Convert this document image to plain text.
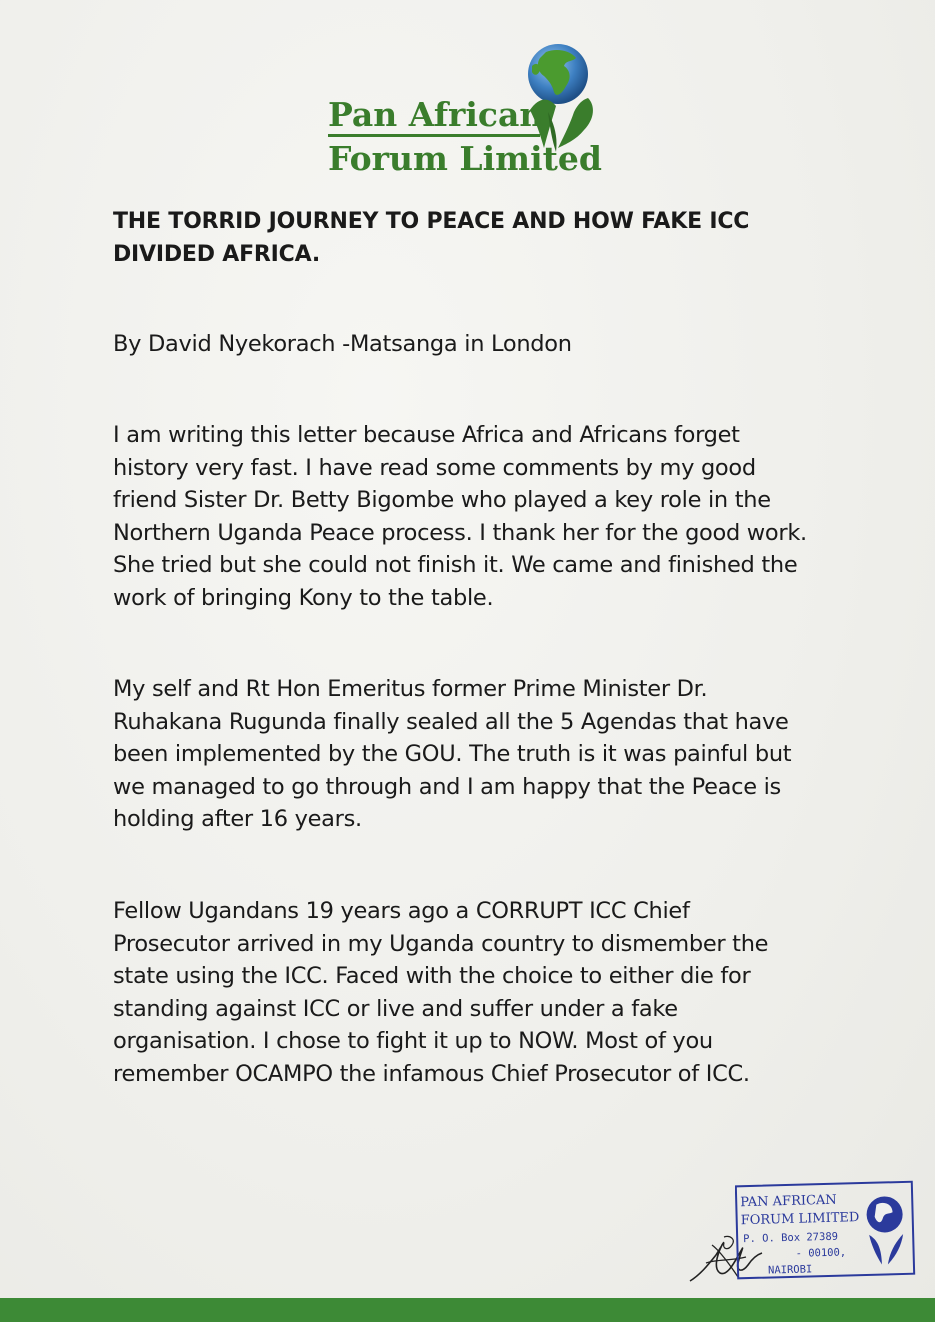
Pan African
Forum Limited
THE TORRID JOURNEY TO PEACE AND HOW FAKE ICC
DIVIDED AFRICA.

By David Nyekorach -Matsanga in London

I am writing this letter because Africa and Africans forget
history very fast. I have read some comments by my good
friend Sister Dr. Betty Bigombe who played a key role in the
Northern Uganda Peace process. I thank her for the good work.
She tried but she could not finish it. We came and finished the
work of bringing Kony to the table.

My self and Rt Hon Emeritus former Prime Minister Dr.
Ruhakana Rugunda finally sealed all the 5 Agendas that have
been implemented by the GOU. The truth is it was painful but
we managed to go through and I am happy that the Peace is
holding after 16 years.

Fellow Ugandans 19 years ago a CORRUPT ICC Chief
Prosecutor arrived in my Uganda country to dismember the
state using the ICC. Faced with the choice to either die for
standing against ICC or live and suffer under a fake
organisation. I chose to fight it up to NOW. Most of you
remember OCAMPO the infamous Chief Prosecutor of ICC.

PAN AFRICAN
FORUM LIMITED
P. O. Box 27389
- 00100,
NAIROBI
